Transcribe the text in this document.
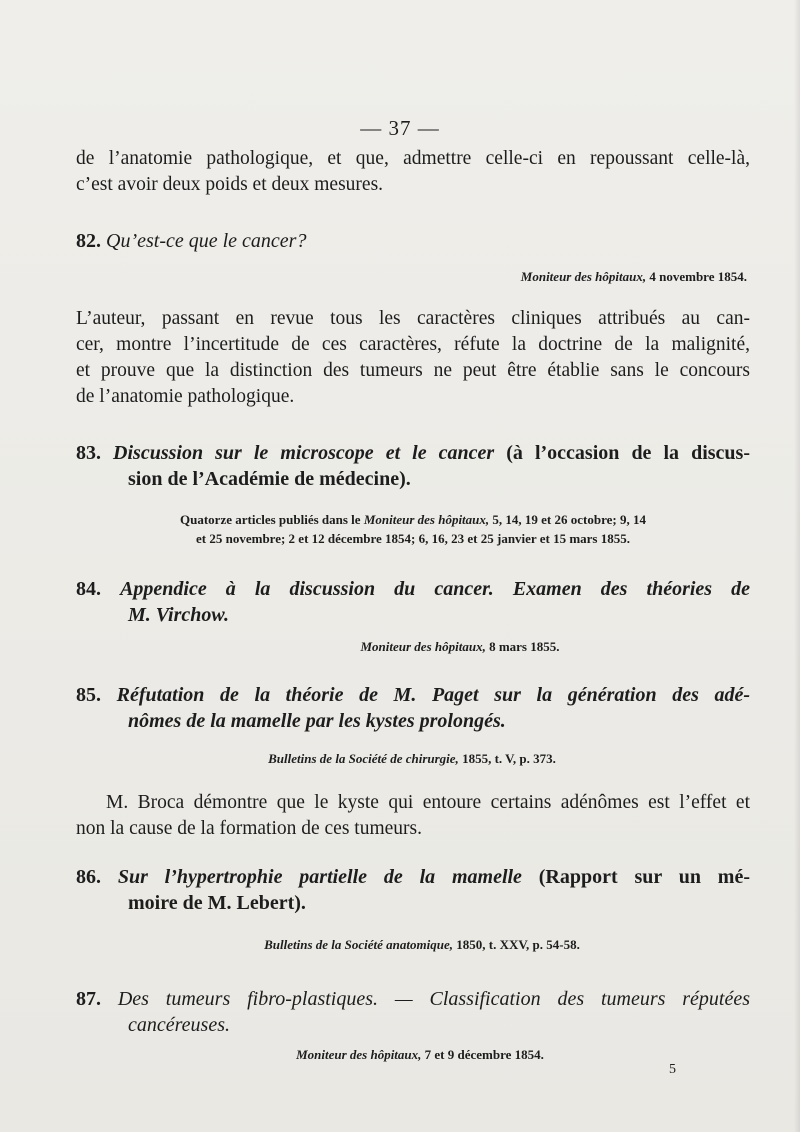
— 37 —
de l’anatomie pathologique, et que, admettre celle-ci en repoussant celle-là,
c’est avoir deux poids et deux mesures.
82. Qu’est-ce que le cancer?
Moniteur des hôpitaux, 4 novembre 1854.
L’auteur, passant en revue tous les caractères cliniques attribués au can-
cer, montre l’incertitude de ces caractères, réfute la doctrine de la malignité,
et prouve que la distinction des tumeurs ne peut être établie sans le concours
de l’anatomie pathologique.
83. Discussion sur le microscope et le cancer (à l’occasion de la discus-
sion de l’Académie de médecine).
Quatorze articles publiés dans le Moniteur des hôpitaux, 5, 14, 19 et 26 octobre; 9, 14
et 25 novembre; 2 et 12 décembre 1854; 6, 16, 23 et 25 janvier et 15 mars 1855.
84. Appendice à la discussion du cancer. Examen des théories de
M. Virchow.
Moniteur des hôpitaux, 8 mars 1855.
85. Réfutation de la théorie de M. Paget sur la génération des adé-
nômes de la mamelle par les kystes prolongés.
Bulletins de la Société de chirurgie, 1855, t. V, p. 373.
M. Broca démontre que le kyste qui entoure certains adénômes est l’effet et
non la cause de la formation de ces tumeurs.
86. Sur l’hypertrophie partielle de la mamelle (Rapport sur un mé-
moire de M. Lebert).
Bulletins de la Société anatomique, 1850, t. XXV, p. 54-58.
87. Des tumeurs fibro-plastiques. — Classification des tumeurs réputées
cancéreuses.
Moniteur des hôpitaux, 7 et 9 décembre 1854.
5
